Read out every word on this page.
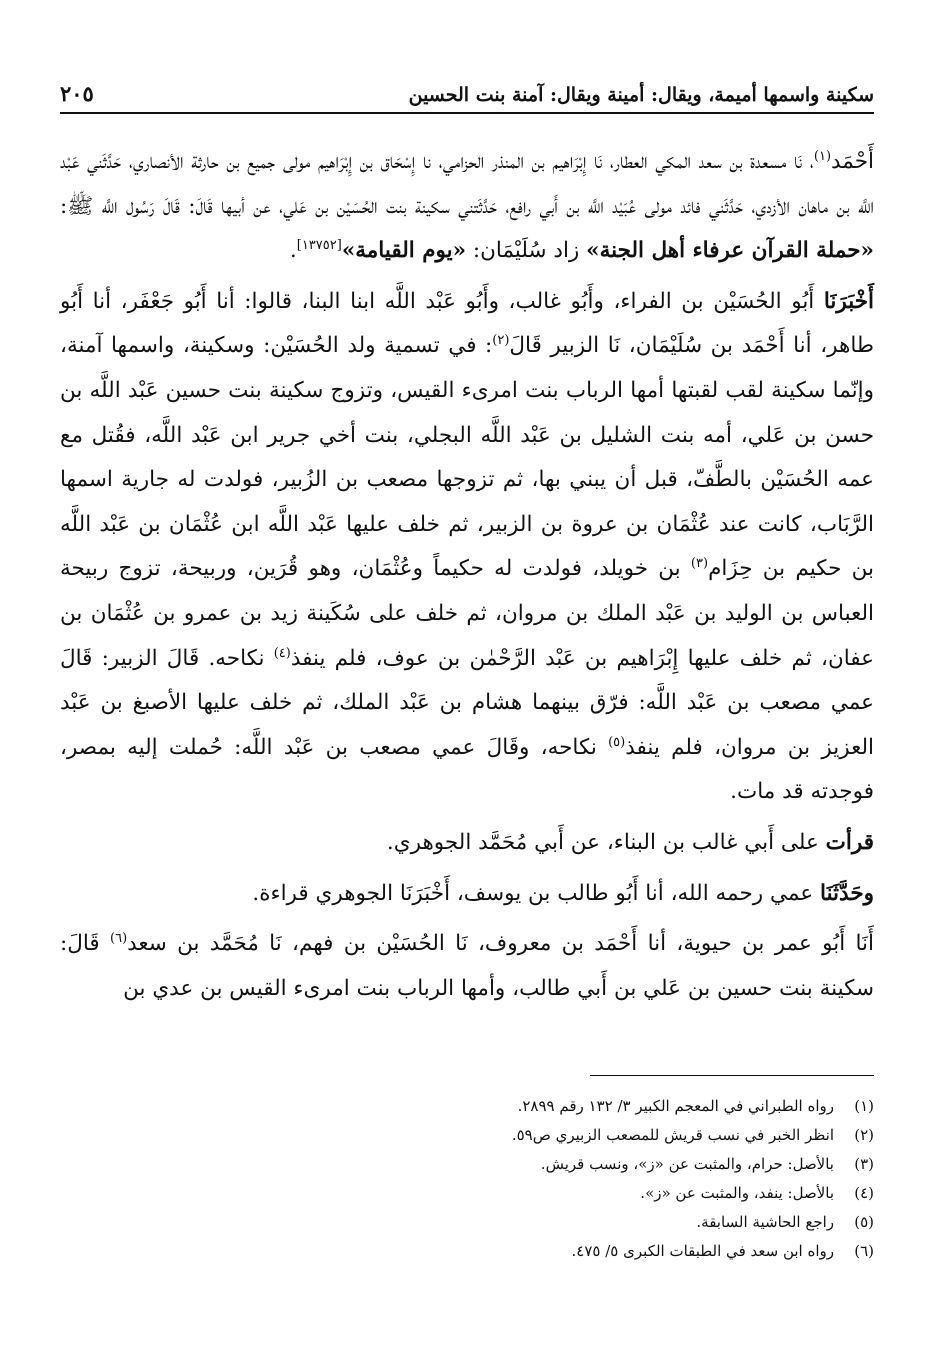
سكينة واسمها أميمة، ويقال: أمينة ويقال: آمنة بنت الحسين
٢٠٥

أَحْمَد$^{(١)}$، نَا مسعدة بن سعد المكي العطار، نَا إِبْرَاهيم بن المنذر الحزامي، نا إِسْحَاق بن إِبْرَاهيم مولى جميع بن حارثة الأنصاري، حَدَّثَني عَبْد اللَّه بن ماهان الأزدي، حَدَّثَني فائد مولى عُبَيْد اللَّه بن أَبي رافع، حَدَّثَتني سكينة بنت الحُسَيْن بن عَلي، عن أبيها قَالَ: قَالَ رَسُول اللَّه ﷺ: «حملة القرآن عرفاء أهل الجنة» زاد سُلَيْمَان: «يوم القيامة»[١٣٧٥٢].

أَخْبَرَنَا أَبُو الحُسَيْن بن الفراء، وأَبُو غالب، وأَبُو عَبْد اللَّه ابنا البنا، قالوا: أنا أَبُو جَعْفَر، أنا أَبُو طاهر، أنا أَحْمَد بن سُلَيْمَان، نَا الزبير قَالَ$^{(٢)}$: في تسمية ولد الحُسَيْن: وسكينة، واسمها آمنة، وإنّما سكينة لقب لقبتها أمها الرباب بنت امرىء القيس، وتزوج سكينة بنت حسين عَبْد اللَّه بن حسن بن عَلي، أمه بنت الشليل بن عَبْد اللَّه البجلي، بنت أخي جرير ابن عَبْد اللَّه، فقُتل مع عمه الحُسَيْن بالطَّفّ، قبل أن يبني بها، ثم تزوجها مصعب بن الزُبير، فولدت له جارية اسمها الرَّبَاب، كانت عند عُثْمَان بن عروة بن الزبير، ثم خلف عليها عَبْد اللَّه ابن عُثْمَان بن عَبْد اللَّه بن حكيم بن حِزَام$^{(٣)}$ بن خويلد، فولدت له حكيماً وعُثْمَان، وهو قُرَين، وربيحة، تزوج ربيحة العباس بن الوليد بن عَبْد الملك بن مروان، ثم خلف على سُكَينة زيد بن عمرو بن عُثْمَان بن عفان، ثم خلف عليها إِبْرَاهيم بن عَبْد الرَّحْمٰن بن عوف، فلم ينفذ$^{(٤)}$ نكاحه. قَالَ الزبير: قَالَ عمي مصعب بن عَبْد اللَّه: فرّق بينهما هشام بن عَبْد الملك، ثم خلف عليها الأصبغ بن عَبْد العزيز بن مروان، فلم ينفذ$^{(٥)}$ نكاحه، وقَالَ عمي مصعب بن عَبْد اللَّه: حُملت إليه بمصر، فوجدته قد مات.

قرأت على أَبي غالب بن البناء، عن أَبي مُحَمَّد الجوهري.

وحَدَّثَنَا عمي رحمه الله، أنا أَبُو طالب بن يوسف، أَخْبَرَنَا الجوهري قراءة.

أَنَا أَبُو عمر بن حيوية، أنا أَحْمَد بن معروف، نَا الحُسَيْن بن فهم، نَا مُحَمَّد بن سعد$^{(٦)}$ قَالَ: سكينة بنت حسين بن عَلي بن أَبي طالب، وأمها الرباب بنت امرىء القيس بن عدي بن

(١)
رواه الطبراني في المعجم الكبير ٣/ ١٣٢ رقم ٢٨٩٩.
(٢)
انظر الخبر في نسب قريش للمصعب الزبيري ص٥٩.
(٣)
بالأصل: حرام، والمثبت عن «ز»، ونسب قريش.
(٤)
بالأصل: ينفد، والمثبت عن «ز».
(٥)
راجع الحاشية السابقة.
(٦)
رواه ابن سعد في الطبقات الكبرى ٥/ ٤٧٥.
